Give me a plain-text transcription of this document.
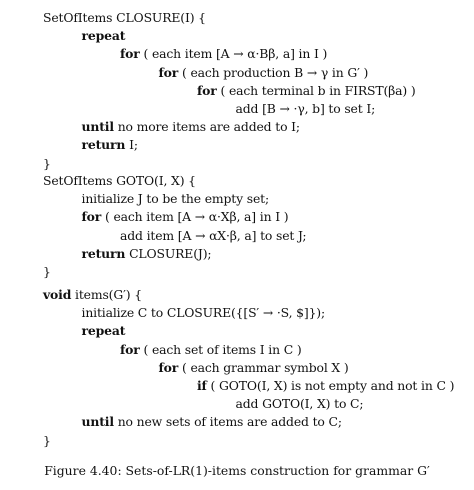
SetOfItems CLOSURE(I) {
repeat
for ( each item [A → α·Bβ, a] in I )
for ( each production B → γ in G′ )
for ( each terminal b in FIRST(βa) )
add [B → ·γ, b] to set I;
until no more items are added to I;
return I;
}
SetOfItems GOTO(I, X) {
initialize J to be the empty set;
for ( each item [A → α·Xβ, a] in I )
add item [A → αX·β, a] to set J;
return CLOSURE(J);
}
void items(G′) {
initialize C to CLOSURE({[S′ → ·S, $]});
repeat
for ( each set of items I in C )
for ( each grammar symbol X )
if ( GOTO(I, X) is not empty and not in C )
add GOTO(I, X) to C;
until no new sets of items are added to C;
}
Figure 4.40: Sets-of-LR(1)-items construction for grammar G′
